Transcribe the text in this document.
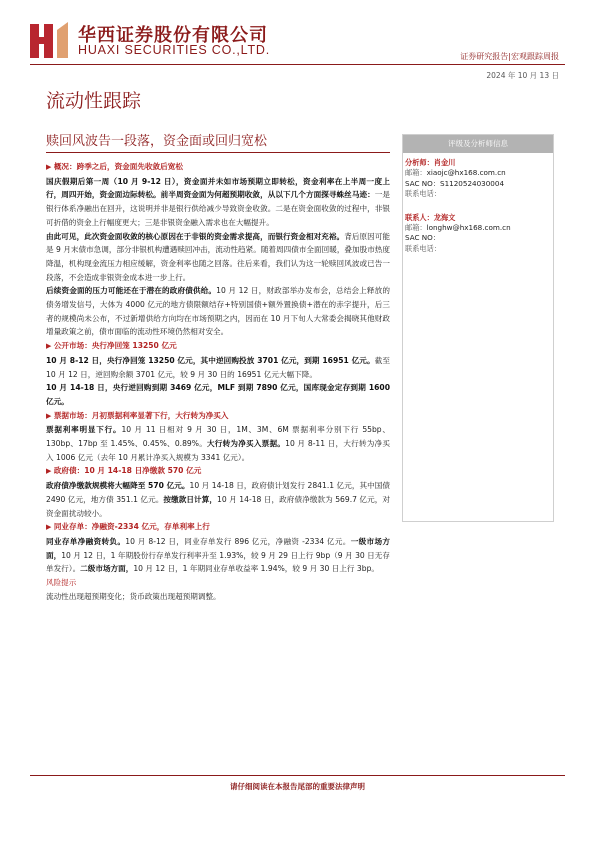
华西证券股份有限公司
HUAXI SECURITIES CO.,LTD.	证券研究报告|宏观跟踪周报
2024 年 10 月 13 日
流动性跟踪
赎回风波告一段落，资金面或回归宽松

▶ 概况：跨季之后，资金面先收敛后宽松

国庆假期后第一周（10 月 9-12 日），资金面并未如市场预期立即转松，资金利率在上半周一度上行，周四开始，资金面边际转松。前半周资金面为何超预期收敛，从以下几个方面探寻蛛丝马迹：一是银行体系净融出在回升，这说明并非是银行供给减少导致资金收敛。二是在资金面收敛的过程中，非银可折借的资金上行幅度更大；三是非银资金融入需求也在大幅提升。

由此可见，此次资金面收敛的核心原因在于非银的资金需求提高，而银行资金相对充裕。背后原因可能是 9 月末债市急调，部分非银机构遭遇赎回冲击，流动性趋紧。随着周四债市全面回暖，叠加股市热度降温，机构现金流压力相应缓解，资金利率也随之回落。往后来看，我们认为这一轮赎回风波或已告一段落，不会造成非银资金成本进一步上行。

后续资金面的压力可能还在于潜在的政府债供给。10 月 12 日，财政部举办发布会，总结会上释放的债务增发信号，大体为 4000 亿元的地方债限额结存+特别国债+额外置换债+潜在的赤字提升，后三者的规模尚未公布，不过新增供给方向均在市场预期之内，因而在 10 月下旬人大常委会揭晓其他财政增量政策之前，债市面临的流动性环境仍然相对安全。

▶ 公开市场：央行净回笼 13250 亿元

10 月 8-12 日，央行净回笼 13250 亿元，其中逆回购投放 3701 亿元，到期 16951 亿元。截至 10 月 12 日，逆回购余额 3701 亿元，较 9 月 30 日的 16951 亿元大幅下降。

10 月 14-18 日，央行逆回购到期 3469 亿元，MLF 到期 7890 亿元，国库现金定存到期 1600 亿元。

▶ 票据市场：月初票据利率显著下行，大行转为净买入

票据利率明显下行。10 月 11 日相对 9 月 30 日，1M、3M、6M 票据利率分别下行 55bp、130bp、17bp 至 1.45%、0.45%、0.89%。大行转为净买入票据。10 月 8-11 日，大行转为净买入 1006 亿元（去年 10 月累计净买入规模为 3341 亿元）。

▶ 政府债：10 月 14-18 日净缴款 570 亿元

政府债净缴款规模将大幅降至 570 亿元。10 月 14-18 日，政府债计划发行 2841.1 亿元，其中国债 2490 亿元，地方债 351.1 亿元。按缴款日计算，10 月 14-18 日，政府债净缴款为 569.7 亿元，对资金面扰动较小。

▶ 同业存单：净融资-2334 亿元，存单利率上行

同业存单净融资转负。10 月 8-12 日，同业存单发行 896 亿元，净融资 -2334 亿元。一级市场方面，10 月 12 日，1 年期股份行存单发行利率升至 1.93%，较 9 月 29 日上行 9bp（9 月 30 日无存单发行）。二级市场方面，10 月 12 日，1 年期同业存单收益率 1.94%，较 9 月 30 日上行 3bp。

风险提示

流动性出现超预期变化；货币政策出现超预期调整。

评级及分析师信息
分析师：肖金川
邮箱：xiaojc@hx168.com.cn
SAC NO：S1120524030004
联系电话：
联系人：龙海文
邮箱：longhw@hx168.com.cn
SAC NO：
联系电话：
请仔细阅读在本报告尾部的重要法律声明
